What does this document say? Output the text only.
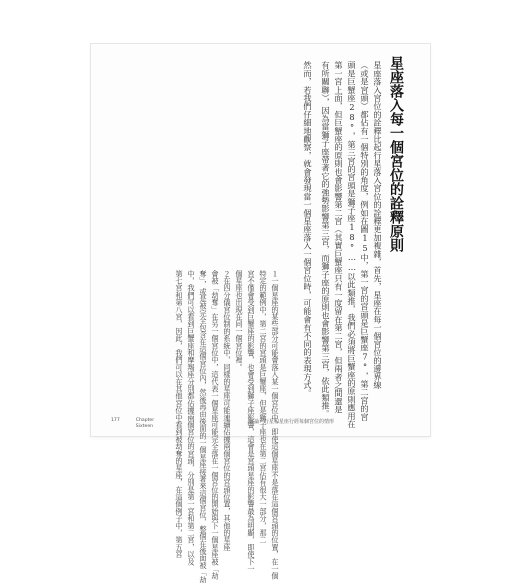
星座落入每一個宮位的詮釋原則
星座落入宮位的詮釋比起行星落入宮位的詮釋更加複雜，首先，星座在每一個宮位的邊界線
（或是宮頭）都佔有一個特別的角度，例如在圖15中，第一宮的宮頭是巨蟹座7°，第二宮的宮
頭是巨蟹座28°，第三宮的宮頭是獅子座18°……以此類推，我們必須將巨蟹座的原則應用在
第一宮上面，但巨蟹座的原則也會影響第二宮（其實巨蟹座只有一度留在第二宮，但兩者之間還是
有所關聯），因為當獅子座帶著它的強勢影響第三宮，而獅子座的原則也會影響第三宮，依此類推。
然而，若我們仔細地觀察，就會發現當一個星座落入一個宮位時，可能會有不同的表現方式。
１一個星座的某些部分可能會落入某一個宮位中，即使這個星座不是落在這個宮頭的位置，在一個
特定的範例中，第二宮的宮頭是巨蟹座，但是獅子座也在第二宮佔有很大一部分，那二
宮不僅會受到巨蟹座的影響，也會受到獅子座影響，這會是宮頭星座的影響最為明顯，即使下一
個星座也出現在同一個宮位裡。
２在四分儀宮位制的系統中，同樣的星座可能連續佔據兩個宮位的宮頭位置，其他的星座
會被「劫奪」在另一個宮位中，這代表一個星座可能完全落在一個宮位的開始與下一個星座被「劫
奪」，或是被完全包含在這個宮位內，然後再由後面的一個星座接著來這個宮位，整個在後面被「劫
中，我們可以看到巨蟹座和摩羯座分別都佔據兩個宮位的宮頭，分別是第一宮和第二宮，以及
第七宮和第八宮，因此，我們可以在其他宮位中看到被劫奪的星座，在這個例子中，第五宮
177	Chapter
Sixteen
導論：行星和星座行經每個宮位的情形
